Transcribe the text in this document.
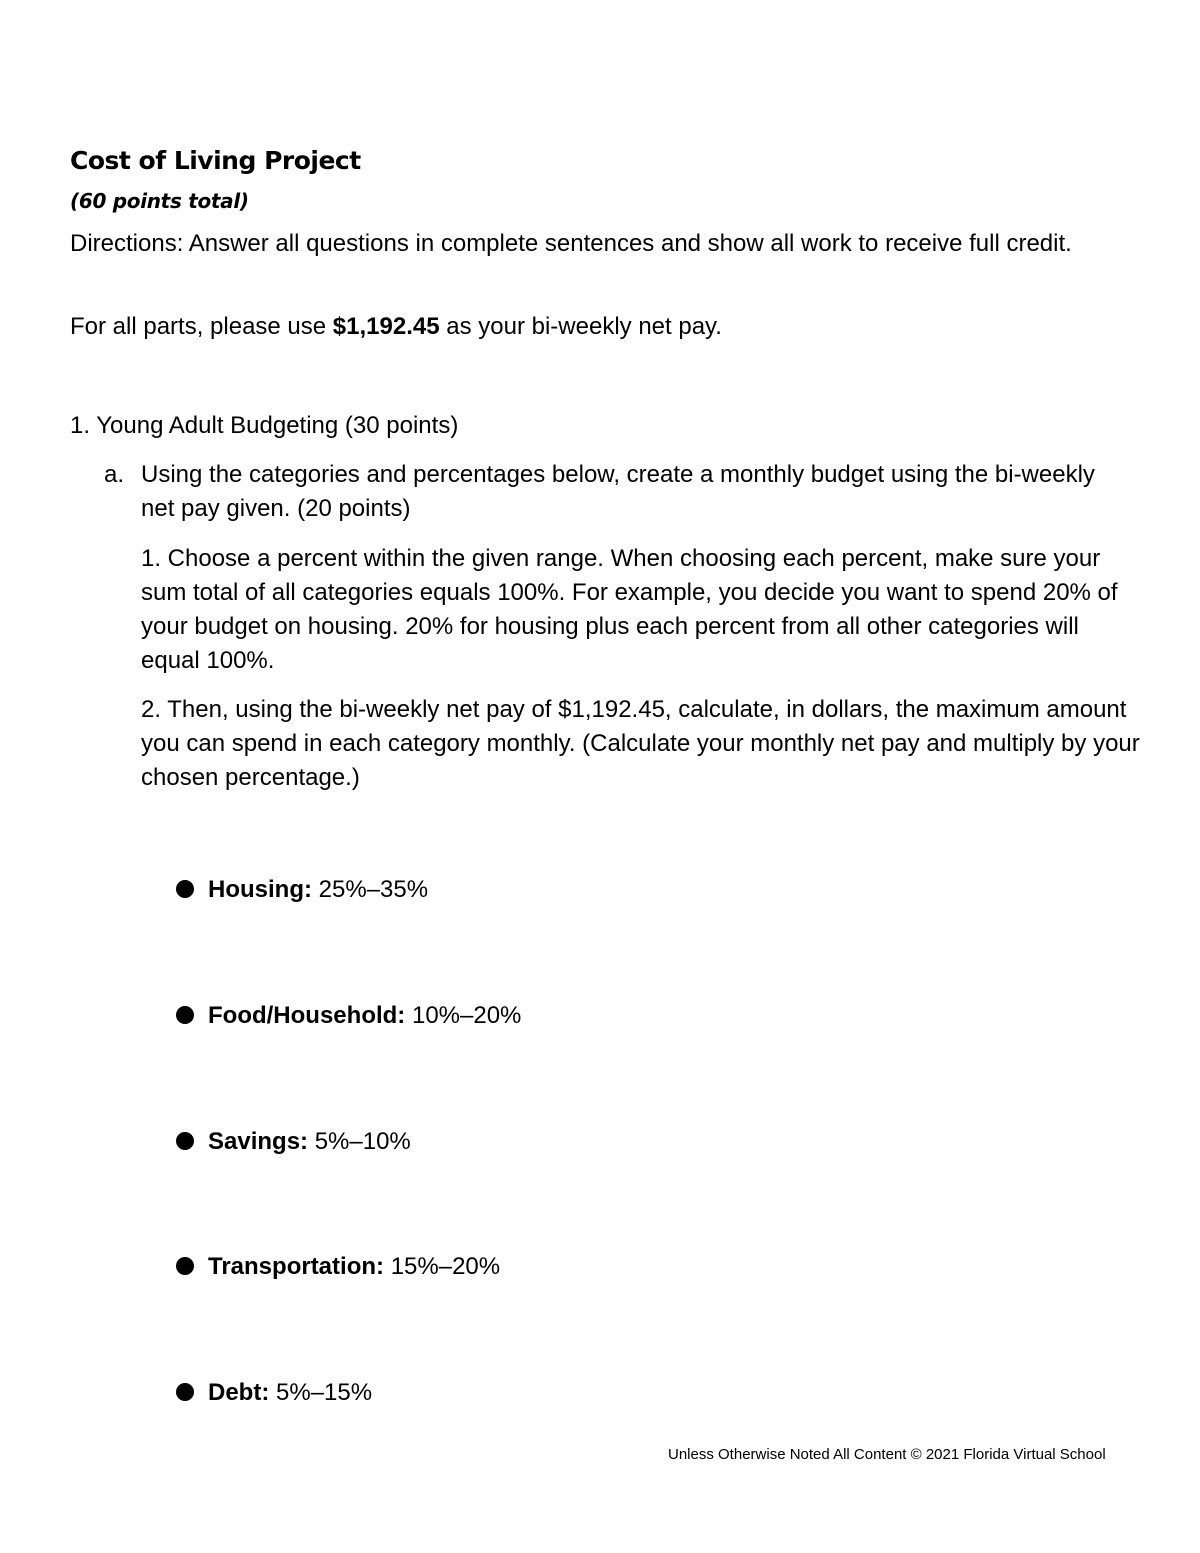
Cost of Living Project

(60 points total)

Directions: Answer all questions in complete sentences and show all work to receive full credit.

For all parts, please use $1,192.45 as your bi-weekly net pay.

1. Young Adult Budgeting (30 points)

a. Using the categories and percentages below, create a monthly budget using the bi-weekly net pay given. (20 points)

1. Choose a percent within the given range. When choosing each percent, make sure your sum total of all categories equals 100%. For example, you decide you want to spend 20% of your budget on housing. 20% for housing plus each percent from all other categories will equal 100%.

2. Then, using the bi-weekly net pay of $1,192.45, calculate, in dollars, the maximum amount you can spend in each category monthly. (Calculate your monthly net pay and multiply by your chosen percentage.)

Housing: 25%–35%
Food/Household: 10%–20%
Savings: 5%–10%
Transportation: 15%–20%
Debt: 5%–15%

Unless Otherwise Noted All Content © 2021 Florida Virtual School
